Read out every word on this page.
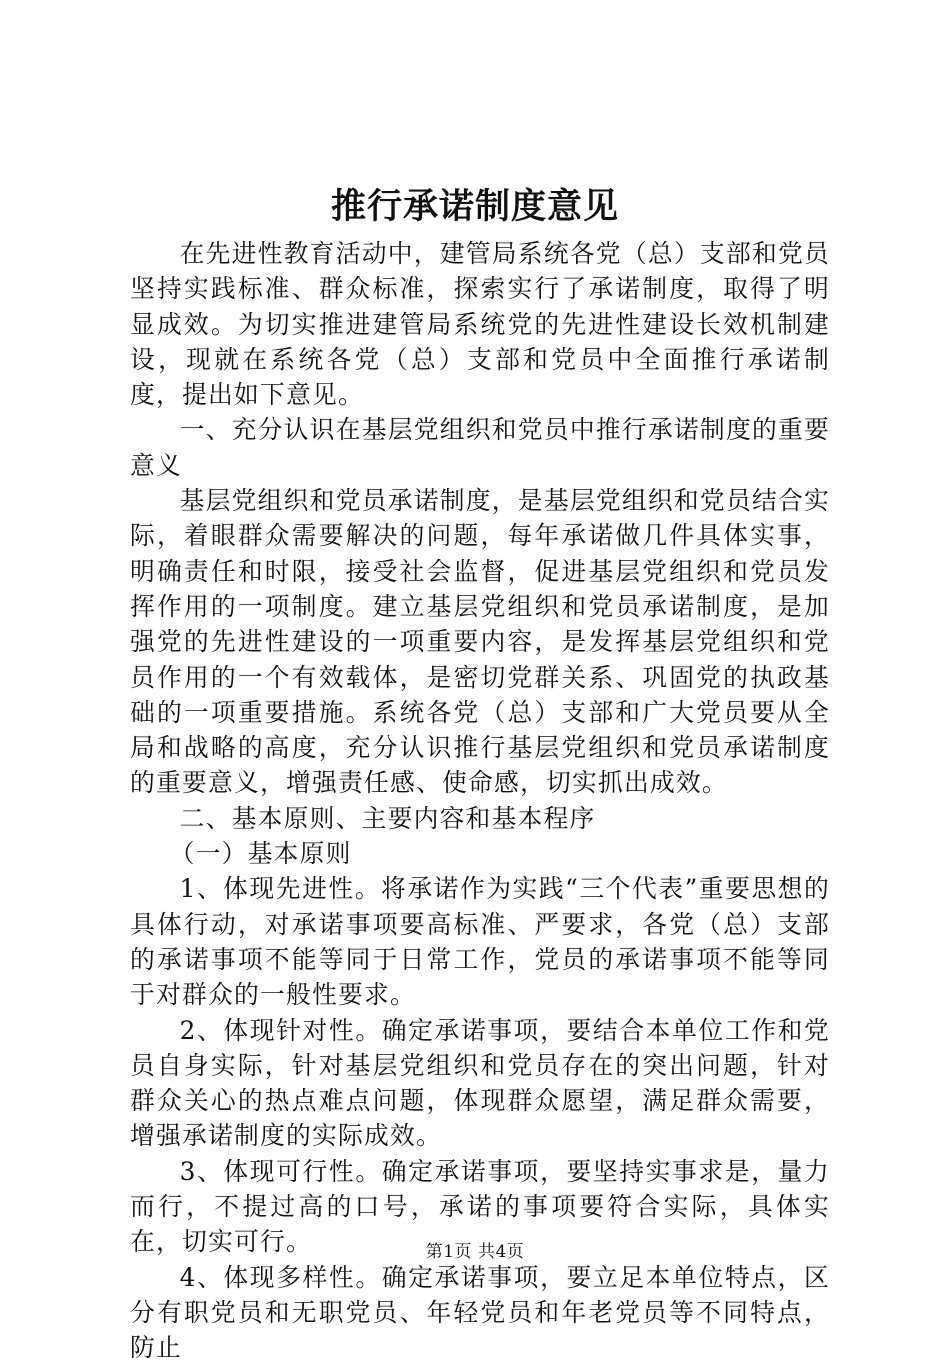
推行承诺制度意见

在先进性教育活动中，建管局系统各党（总）支部和党员坚持实践标准、群众标准，探索实行了承诺制度，取得了明显成效。为切实推进建管局系统党的先进性建设长效机制建设，现就在系统各党（总）支部和党员中全面推行承诺制度，提出如下意见。

一、充分认识在基层党组织和党员中推行承诺制度的重要意义

基层党组织和党员承诺制度，是基层党组织和党员结合实际，着眼群众需要解决的问题，每年承诺做几件具体实事，明确责任和时限，接受社会监督，促进基层党组织和党员发挥作用的一项制度。建立基层党组织和党员承诺制度，是加强党的先进性建设的一项重要内容，是发挥基层党组织和党员作用的一个有效载体，是密切党群关系、巩固党的执政基础的一项重要措施。系统各党（总）支部和广大党员要从全局和战略的高度，充分认识推行基层党组织和党员承诺制度的重要意义，增强责任感、使命感，切实抓出成效。

二、基本原则、主要内容和基本程序

（一）基本原则

1、体现先进性。将承诺作为实践“三个代表”重要思想的具体行动，对承诺事项要高标准、严要求，各党（总）支部的承诺事项不能等同于日常工作，党员的承诺事项不能等同于对群众的一般性要求。

2、体现针对性。确定承诺事项，要结合本单位工作和党员自身实际，针对基层党组织和党员存在的突出问题，针对群众关心的热点难点问题，体现群众愿望，满足群众需要，增强承诺制度的实际成效。

3、体现可行性。确定承诺事项，要坚持实事求是，量力而行，不提过高的口号，承诺的事项要符合实际，具体实在，切实可行。

4、体现多样性。确定承诺事项，要立足本单位特点，区分有职党员和无职党员、年轻党员和年老党员等不同特点，防止

第1页 共4页
